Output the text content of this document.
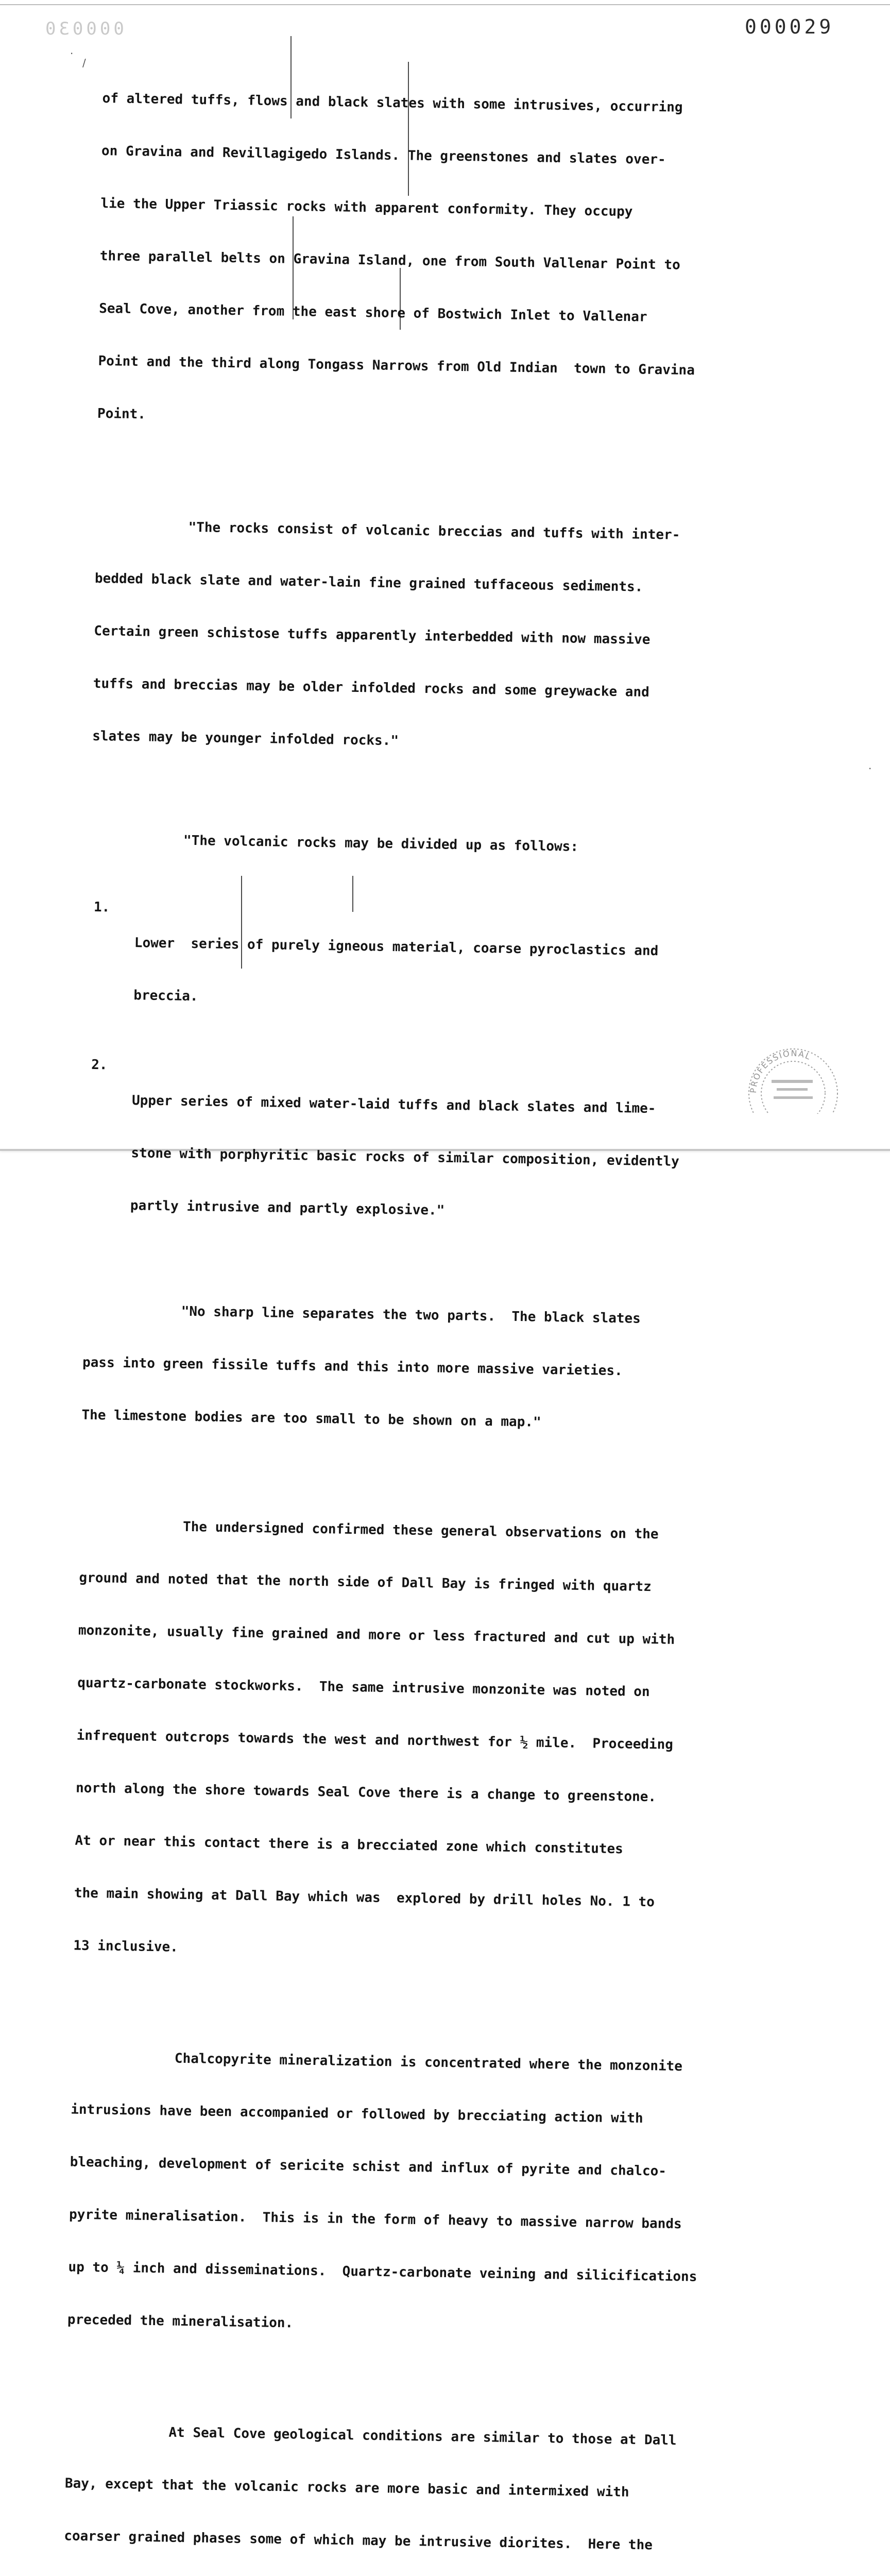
000030	000029
·
/
·

of altered tuffs, flows and black slates with some intrusives, occurring

on Gravina and Revillagigedo Islands. The greenstones and slates over-

lie the Upper Triassic rocks with apparent conformity. They occupy

three parallel belts on Gravina Island, one from South Vallenar Point to

Seal Cove, another from the east shore of Bostwich Inlet to Vallenar

Point and the third along Tongass Narrows from Old Indian  town to Gravina

Point.

"The rocks consist of volcanic breccias and tuffs with inter-

bedded black slate and water-lain fine grained tuffaceous sediments.

Certain green schistose tuffs apparently interbedded with now massive

tuffs and breccias may be older infolded rocks and some greywacke and

slates may be younger infolded rocks."

"The volcanic rocks may be divided up as follows:

1.

Lower  series of purely igneous material, coarse pyroclastics and

breccia.

2.

Upper series of mixed water-laid tuffs and black slates and lime-

stone with porphyritic basic rocks of similar composition, evidently

partly intrusive and partly explosive."

"No sharp line separates the two parts.  The black slates

pass into green fissile tuffs and this into more massive varieties.

The limestone bodies are too small to be shown on a map."

The undersigned confirmed these general observations on the

ground and noted that the north side of Dall Bay is fringed with quartz

monzonite, usually fine grained and more or less fractured and cut up with

quartz-carbonate stockworks.  The same intrusive monzonite was noted on

infrequent outcrops towards the west and northwest for ½ mile.  Proceeding

north along the shore towards Seal Cove there is a change to greenstone.

At or near this contact there is a brecciated zone which constitutes

the main showing at Dall Bay which was  explored by drill holes No. 1 to

13 inclusive.

Chalcopyrite mineralization is concentrated where the monzonite

intrusions have been accompanied or followed by brecciating action with

bleaching, development of sericite schist and influx of pyrite and chalco-

pyrite mineralisation.  This is in the form of heavy to massive narrow bands

up to ¼ inch and disseminations.  Quartz-carbonate veining and silicifications

preceded the mineralisation.

At Seal Cove geological conditions are similar to those at Dall

Bay, except that the volcanic rocks are more basic and intermixed with

coarser grained phases some of which may be intrusive diorites.  Here the

PROFESSIONAL
